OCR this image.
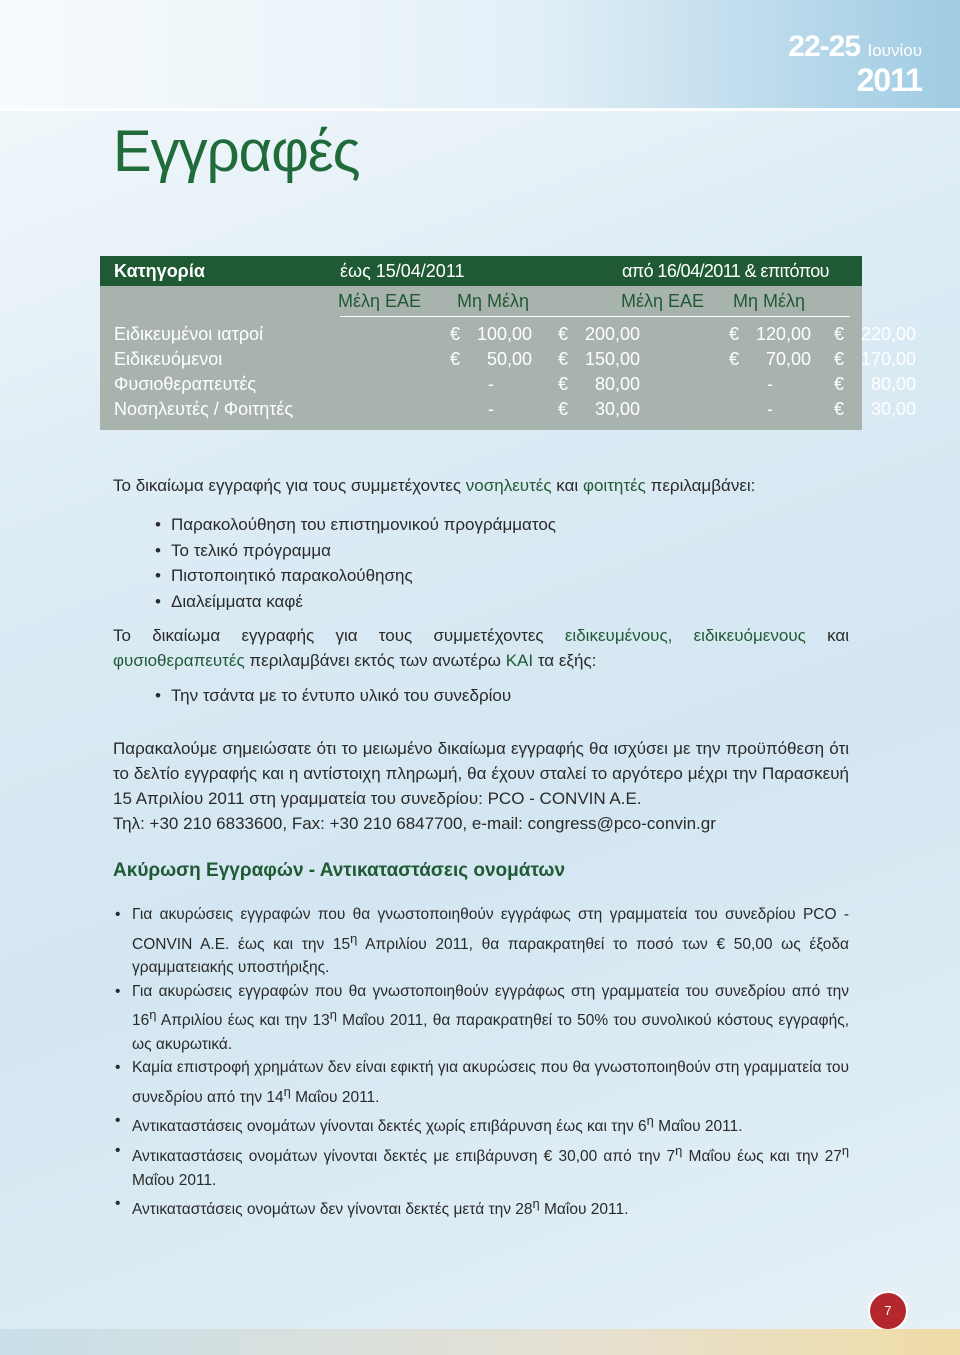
22-25 Ιουνίου
2011
Εγγραφές
Κατηγορία	έως 15/04/2011	από 16/04/2011 & επιτόπου
Μέλη ΕΑΕ Μη Μέλη	Μέλη ΕΑΕ Μη Μέλη
Ειδικευμένοι ιατροί	€ 100,00 € 200,00	€ 120,00 € 220,00
Ειδικευόμενοι	€ 50,00 € 150,00	€ 70,00 € 170,00
Φυσιοθεραπευτές	-	€ 80,00	-	€ 80,00
Νοσηλευτές / Φοιτητές	-	€ 30,00	-	€ 30,00
Το δικαίωμα εγγραφής για τους συμμετέχοντες νοσηλευτές και φοιτητές περιλαμβάνει:
• Παρακολούθηση του επιστημονικού προγράμματος
• Το τελικό πρόγραμμα
• Πιστοποιητικό παρακολούθησης
• Διαλείμματα καφέ
Το δικαίωμα εγγραφής για τους συμμετέχοντες ειδικευμένους, ειδικευόμενους και φυσιοθεραπευτές περιλαμβάνει εκτός των ανωτέρω ΚΑΙ τα εξής:
• Την τσάντα με το έντυπο υλικό του συνεδρίου
Παρακαλούμε σημειώσατε ότι το μειωμένο δικαίωμα εγγραφής θα ισχύσει με την προϋπόθεση ότι το δελτίο εγγραφής και η αντίστοιχη πληρωμή, θα έχουν σταλεί το αργότερο μέχρι την Παρασκευή 15 Απριλίου 2011 στη γραμματεία του συνεδρίου: PCO - CONVIN A.E.
Τηλ: +30 210 6833600, Fax: +30 210 6847700, e-mail: congress@pco-convin.gr
Ακύρωση Εγγραφών - Αντικαταστάσεις ονομάτων
• Για ακυρώσεις εγγραφών που θα γνωστοποιηθούν εγγράφως στη γραμματεία του συνεδρίου PCO - CONVIN A.E. έως και την $15^\eta$ Απριλίου 2011, θα παρακρατηθεί το ποσό των € 50,00 ως έξοδα γραμματειακής υποστήριξης.
• Για ακυρώσεις εγγραφών που θα γνωστοποιηθούν εγγράφως στη γραμματεία του συνεδρίου από την $16^\eta$ Απριλίου έως και την $13^\eta$ Μαΐου 2011, θα παρακρατηθεί το 50% του συνολικού κόστους εγγραφής, ως ακυρωτικά.
• Καμία επιστροφή χρημάτων δεν είναι εφικτή για ακυρώσεις που θα γνωστοποιηθούν στη γραμματεία του συνεδρίου από την $14^\eta$ Μαΐου 2011.
• Αντικαταστάσεις ονομάτων γίνονται δεκτές χωρίς επιβάρυνση έως και την $6^\eta$ Μαΐου 2011.
• Αντικαταστάσεις ονομάτων γίνονται δεκτές με επιβάρυνση € 30,00 από την $7^\eta$ Μαΐου έως και την $27^\eta$ Μαΐου 2011.
• Αντικαταστάσεις ονομάτων δεν γίνονται δεκτές μετά την $28^\eta$ Μαΐου 2011.
7
